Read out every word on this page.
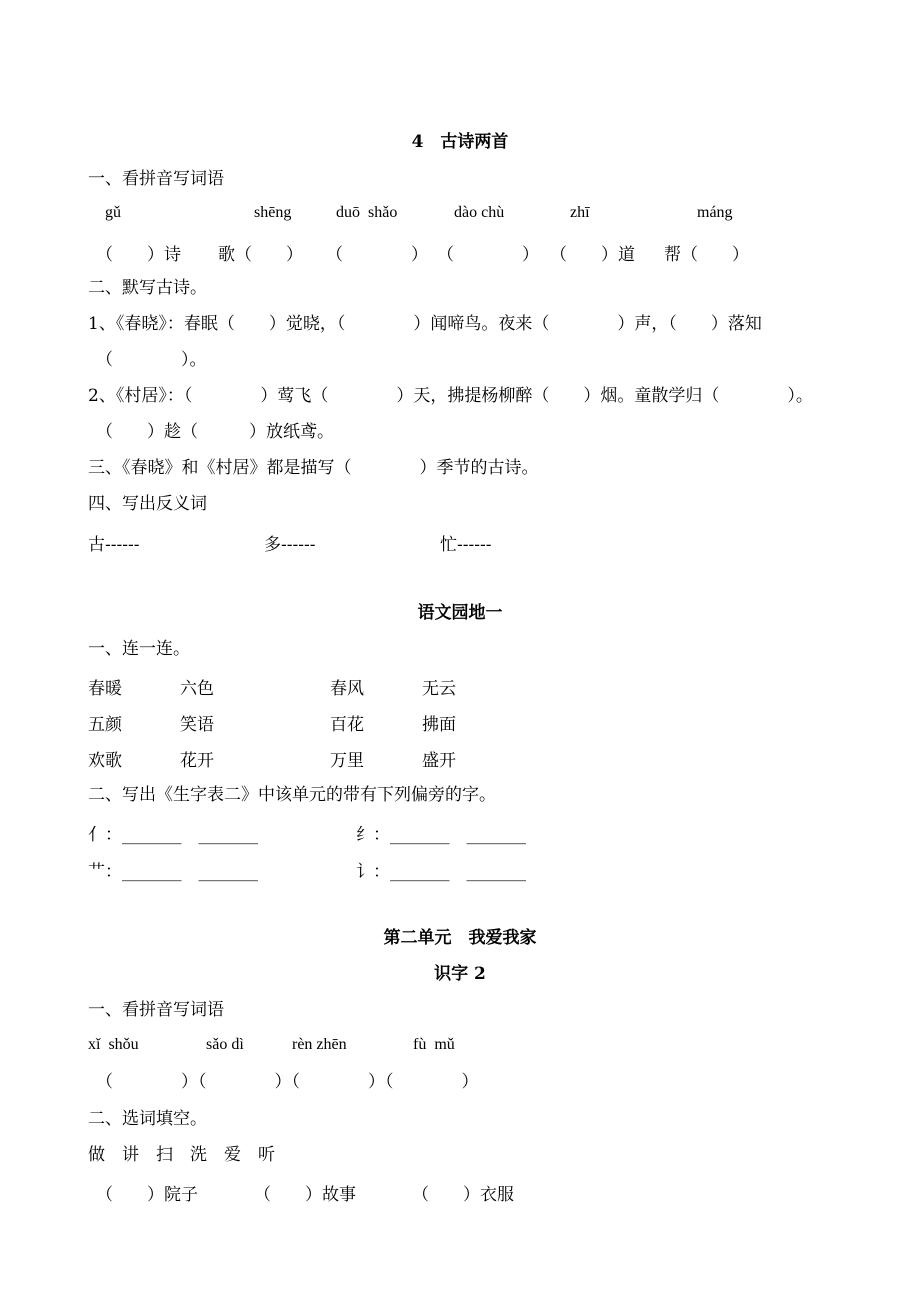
4　古诗两首
一、看拼音写词语
gǔ	shēng	duō  shǎo	dào chù	zhī	máng
（　　）诗 歌（　　） （　　　　） （　　　　） （　　）道 帮（　　）
二、默写古诗。
1、《春晓》：春眠（　　）觉晓，（　　　　）闻啼鸟。夜来（　　　　）声，（　　）落知
（　　　　）。
2、《村居》：（　　　　）莺飞（　　　　）天，拂提杨柳醉（　　）烟。童散学归（　　　　）。
（　　）趁（　　　）放纸鸢。
三、《春晓》和《村居》都是描写（　　　　）季节的古诗。
四、写出反义词
古------	多------	忙------
语文园地一
一、连一连。
春暖	六色	春风	无云
五颜	笑语	百花	拂面
欢歌	花开	万里	盛开
二、写出《生字表二》中该单元的带有下列偏旁的字。
亻：_______　_______	纟：_______　_______
艹：_______　_______	讠：_______　_______
第二单元　我爱我家
识字 2
一、看拼音写词语
xǐ  shǒu	sǎo dì	rèn zhēn	fù  mǔ
（　　　　）（　　　　）（　　　　）（　　　　）
二、选词填空。
做　讲　扫　洗　爱　听
（　　）院子	（　　）故事	（　　）衣服
